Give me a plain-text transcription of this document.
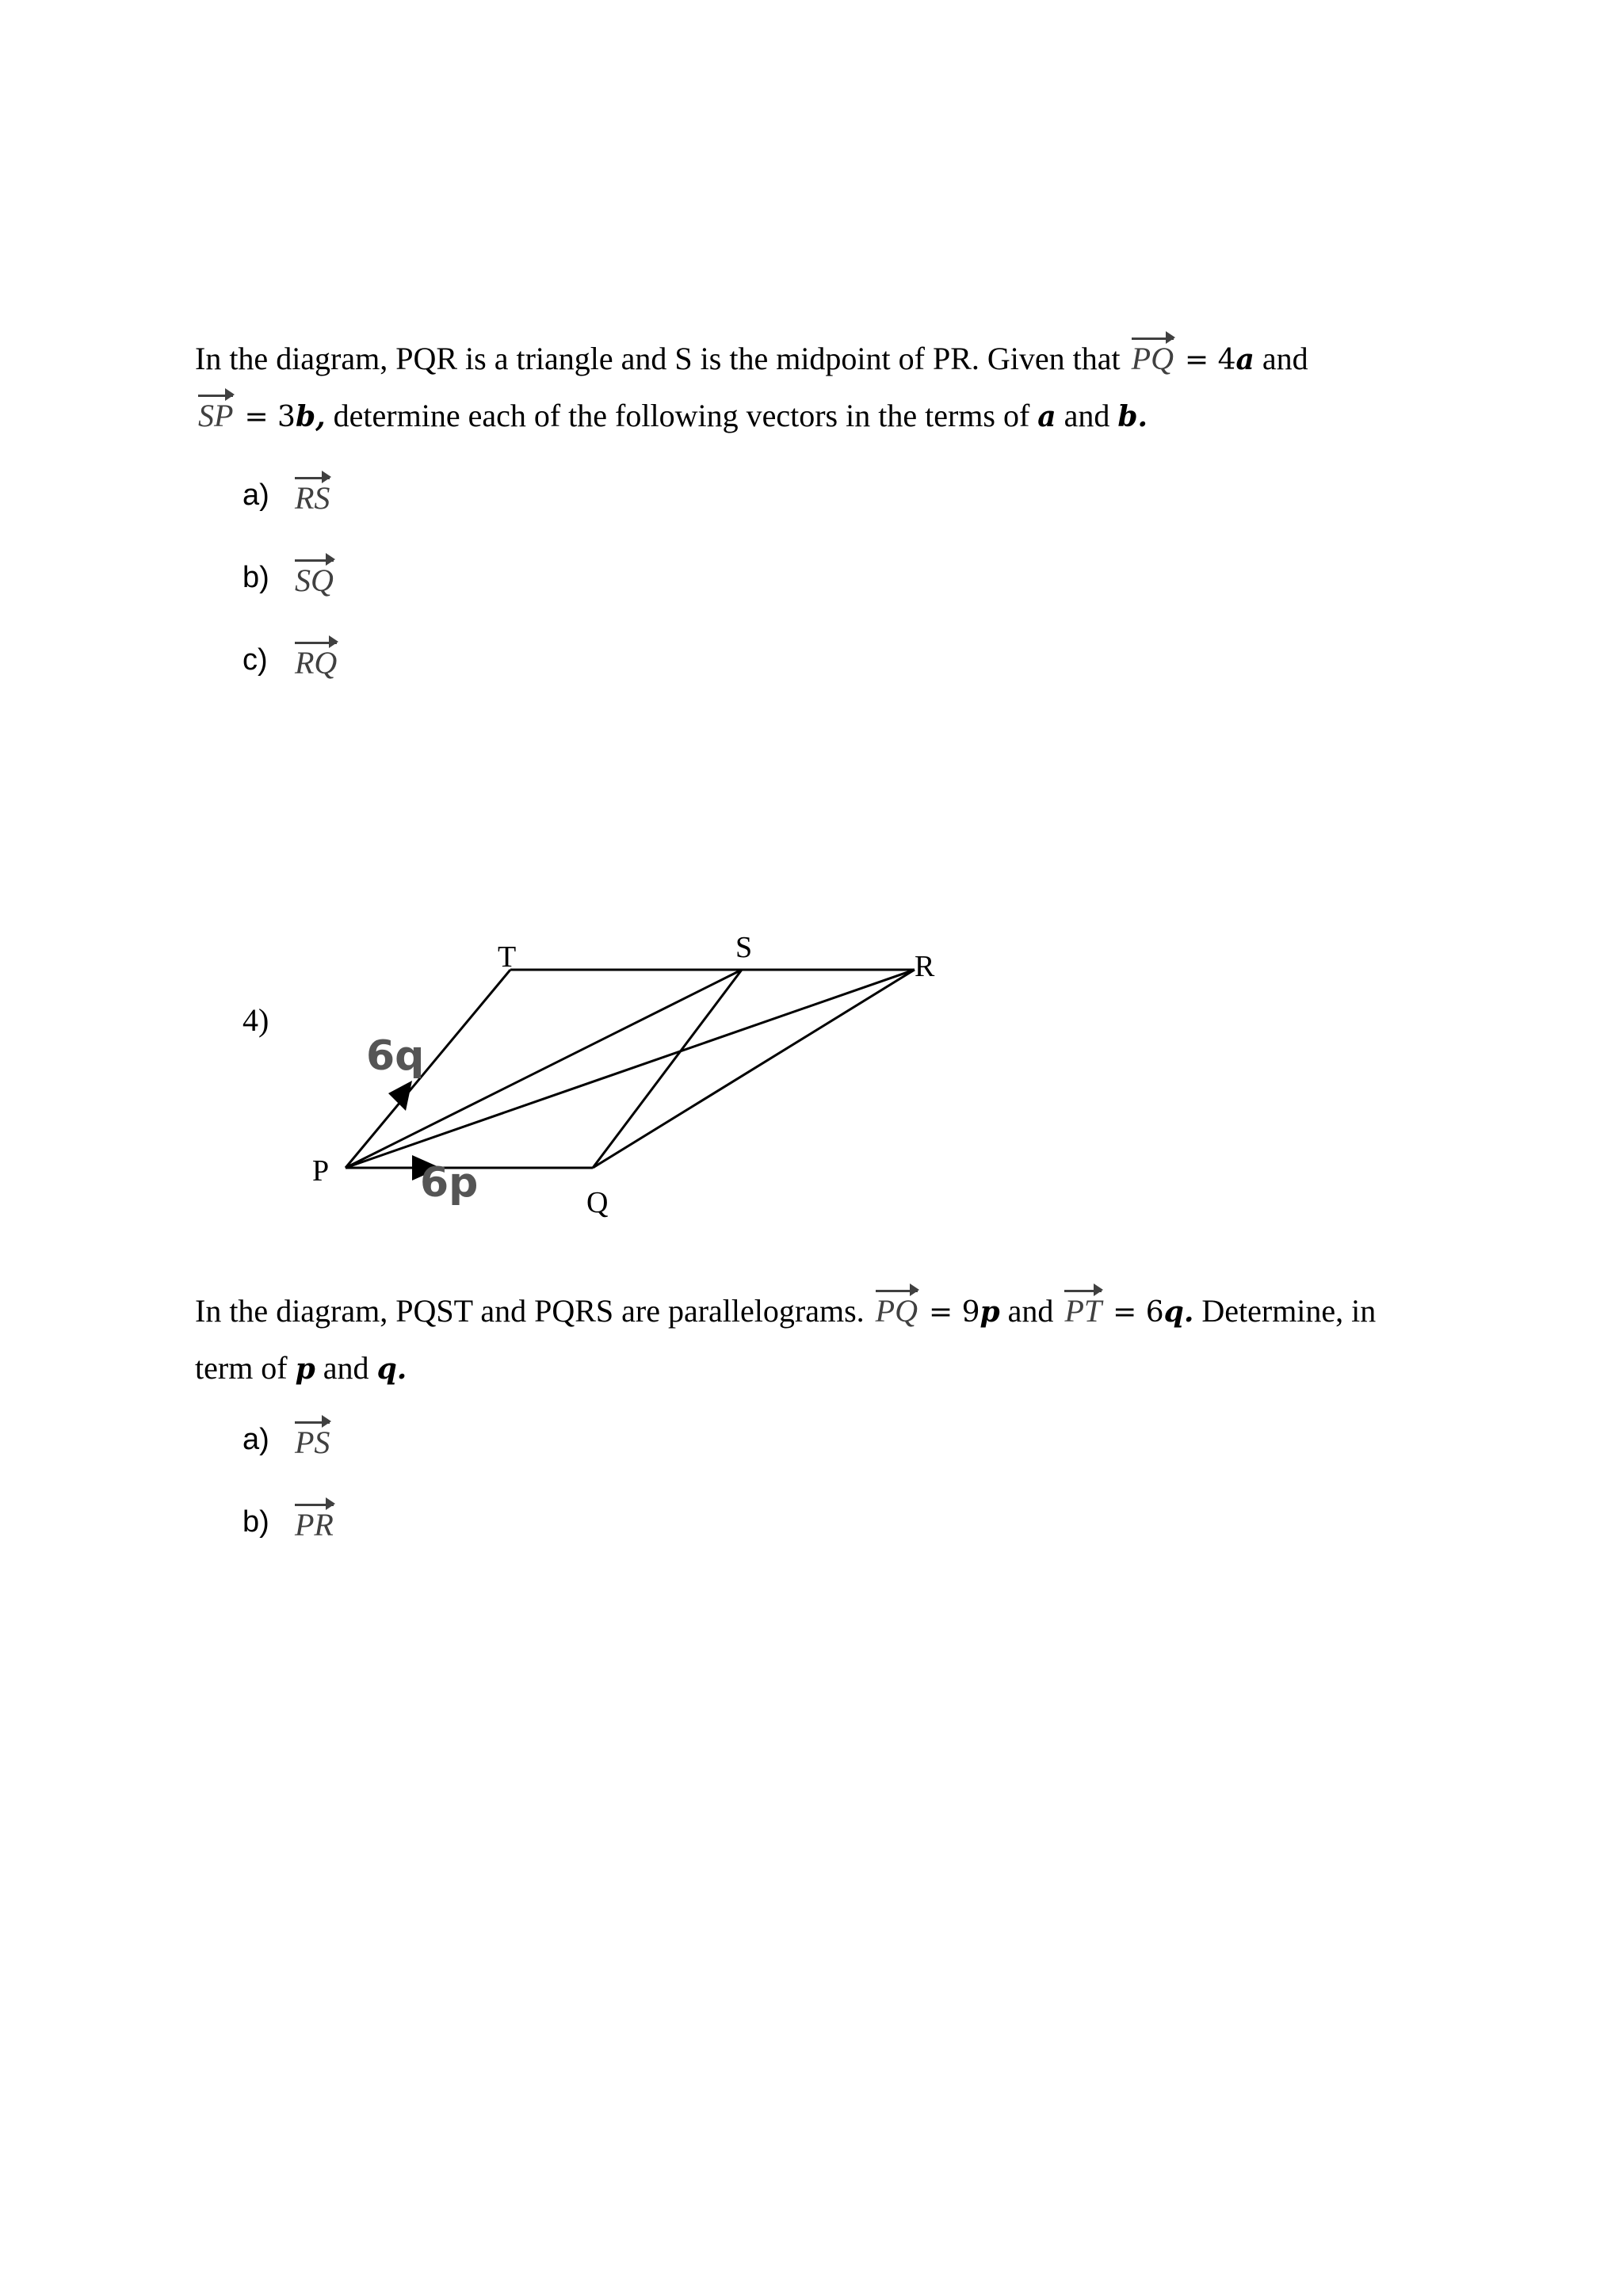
In the diagram, PQR is a triangle and S is the midpoint of PR. Given that PQ = 4a and
SP = 3b, determine each of the following vectors in the terms of a and b.
a) RS
b) SQ
c) RQ
4)
6q
6p
T	S
R
P
Q
In the diagram, PQST and PQRS are parallelograms. PQ = 9p and PT = 6q. Determine, in term of p and q.
a) PS
b) PR
